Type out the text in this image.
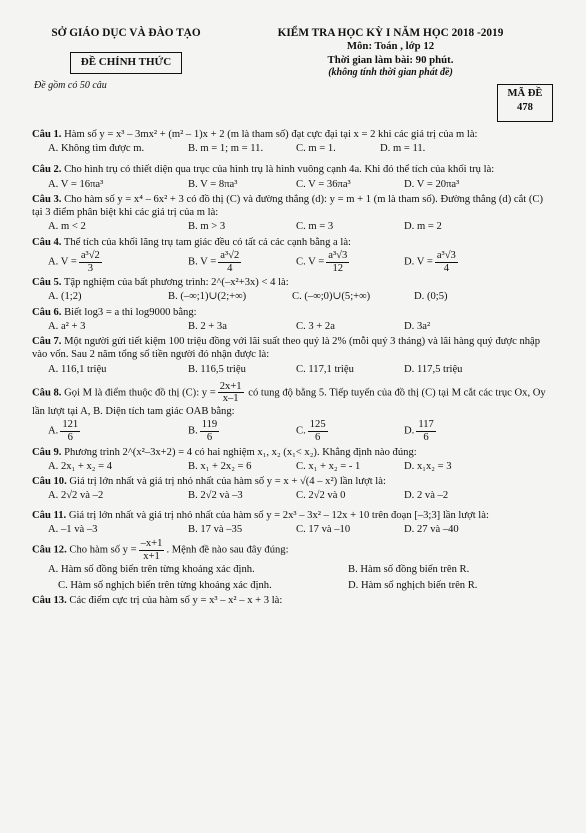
SỞ GIÁO DỤC VÀ ĐÀO TẠO
ĐỀ CHÍNH THỨC
Đề gồm có 50 câu
KIỂM TRA HỌC KỲ I NĂM HỌC 2018 -2019
Môn: Toán , lớp 12
Thời gian làm bài: 90 phút.
(không tính thời gian phát đề)
MÃ ĐỀ
478

Câu 1. Hàm số y = x³ – 3mx² + (m² – 1)x + 2 (m là tham số) đạt cực đại tại x = 2 khi các giá trị của m là:

A. Không tìm được m.	B. m = 1; m = 11.	C. m = 1.	D. m = 11.

Câu 2. Cho hình trụ có thiết diện qua trục của hình trụ là hình vuông cạnh 4a. Khi đó thể tích của khối trụ là:

A. V = 16πa³	B. V = 8πa³	C. V = 36πa³	D. V = 20πa³

Câu 3. Cho hàm số y = x⁴ – 6x² + 3 có đồ thị (C) và đường thẳng (d): y = m + 1 (m là tham số). Đường thẳng (d) cắt (C) tại 3 điểm phân biệt khi các giá trị của m là:

A. m < 2	B. m > 3	C. m = 3	D. m = 2

Câu 4. Thể tích của khối lăng trụ tam giác đều có tất cả các cạnh bằng a là:

A. $V = \frac{\text{a³√2}}{3}$	B. $V = \frac{\text{a³√2}}{4}$	C. $V = \frac{\text{a³√3}}{12}$	D. $V = \frac{\text{a³√3}}{4}$

Câu 5. Tập nghiệm của bất phương trình: 2^(–x²+3x) < 4 là:

A. (1;2)	B. (–∞;1)∪(2;+∞)	C. (–∞;0)∪(5;+∞)	D. (0;5)

Câu 6. Biết log3 = a thì log9000 bằng:

A. a² + 3	B. 2 + 3a	C. 3 + 2a	D. 3a²

Câu 7. Một người gửi tiết kiệm 100 triệu đồng với lãi suất theo quý là 2% (mỗi quý 3 tháng) và lãi hàng quý được nhập vào vốn. Sau 2 năm tổng số tiền người đó nhận được là:

A. 116,1 triệu	B. 116,5 triệu	C. 117,1 triệu	D. 117,5 triệu

Câu 8. Gọi M là điểm thuộc đồ thị (C): $y = \frac{2x+1}{x-1}$ có tung độ bằng 5. Tiếp tuyến của đồ thị (C) tại M cắt các trục Ox, Oy lần lượt tại A, B. Diện tích tam giác OAB bằng:

A. $\frac{121}{6}$	B. $\frac{119}{6}$	C. $\frac{125}{6}$	D. $\frac{117}{6}$

Câu 9. Phương trình 2^(x²–3x+2) = 4 có hai nghiệm x₁, x₂ (x₁< x₂). Khẳng định nào đúng:

A. 2x₁ + x₂ = 4	B. x₁ + 2x₂ = 6	C. x₁ + x₂ = - 1	D. x₁x₂ = 3

Câu 10. Giá trị lớn nhất và giá trị nhỏ nhất của hàm số y = x + √(4 – x²) lần lượt là:

A. 2√2 và –2	B. 2√2 và –3	C. 2√2 và 0	D. 2 và –2

Câu 11. Giá trị lớn nhất và giá trị nhỏ nhất của hàm số y = 2x³ – 3x² – 12x + 10 trên đoạn [–3;3] lần lượt là:

A. –1 và –3	B. 17 và –35	C. 17 và –10	D. 27 và –40

Câu 12. Cho hàm số $y = \frac{-x+1}{x+1}$ . Mệnh đề nào sau đây đúng:

A. Hàm số đồng biến trên từng khoảng xác định.	B. Hàm số đồng biến trên R.
C. Hàm số nghịch biến trên từng khoảng xác định.	D. Hàm số nghịch biến trên R.

Câu 13. Các điểm cực trị của hàm số y = x³ – x² – x + 3 là:
